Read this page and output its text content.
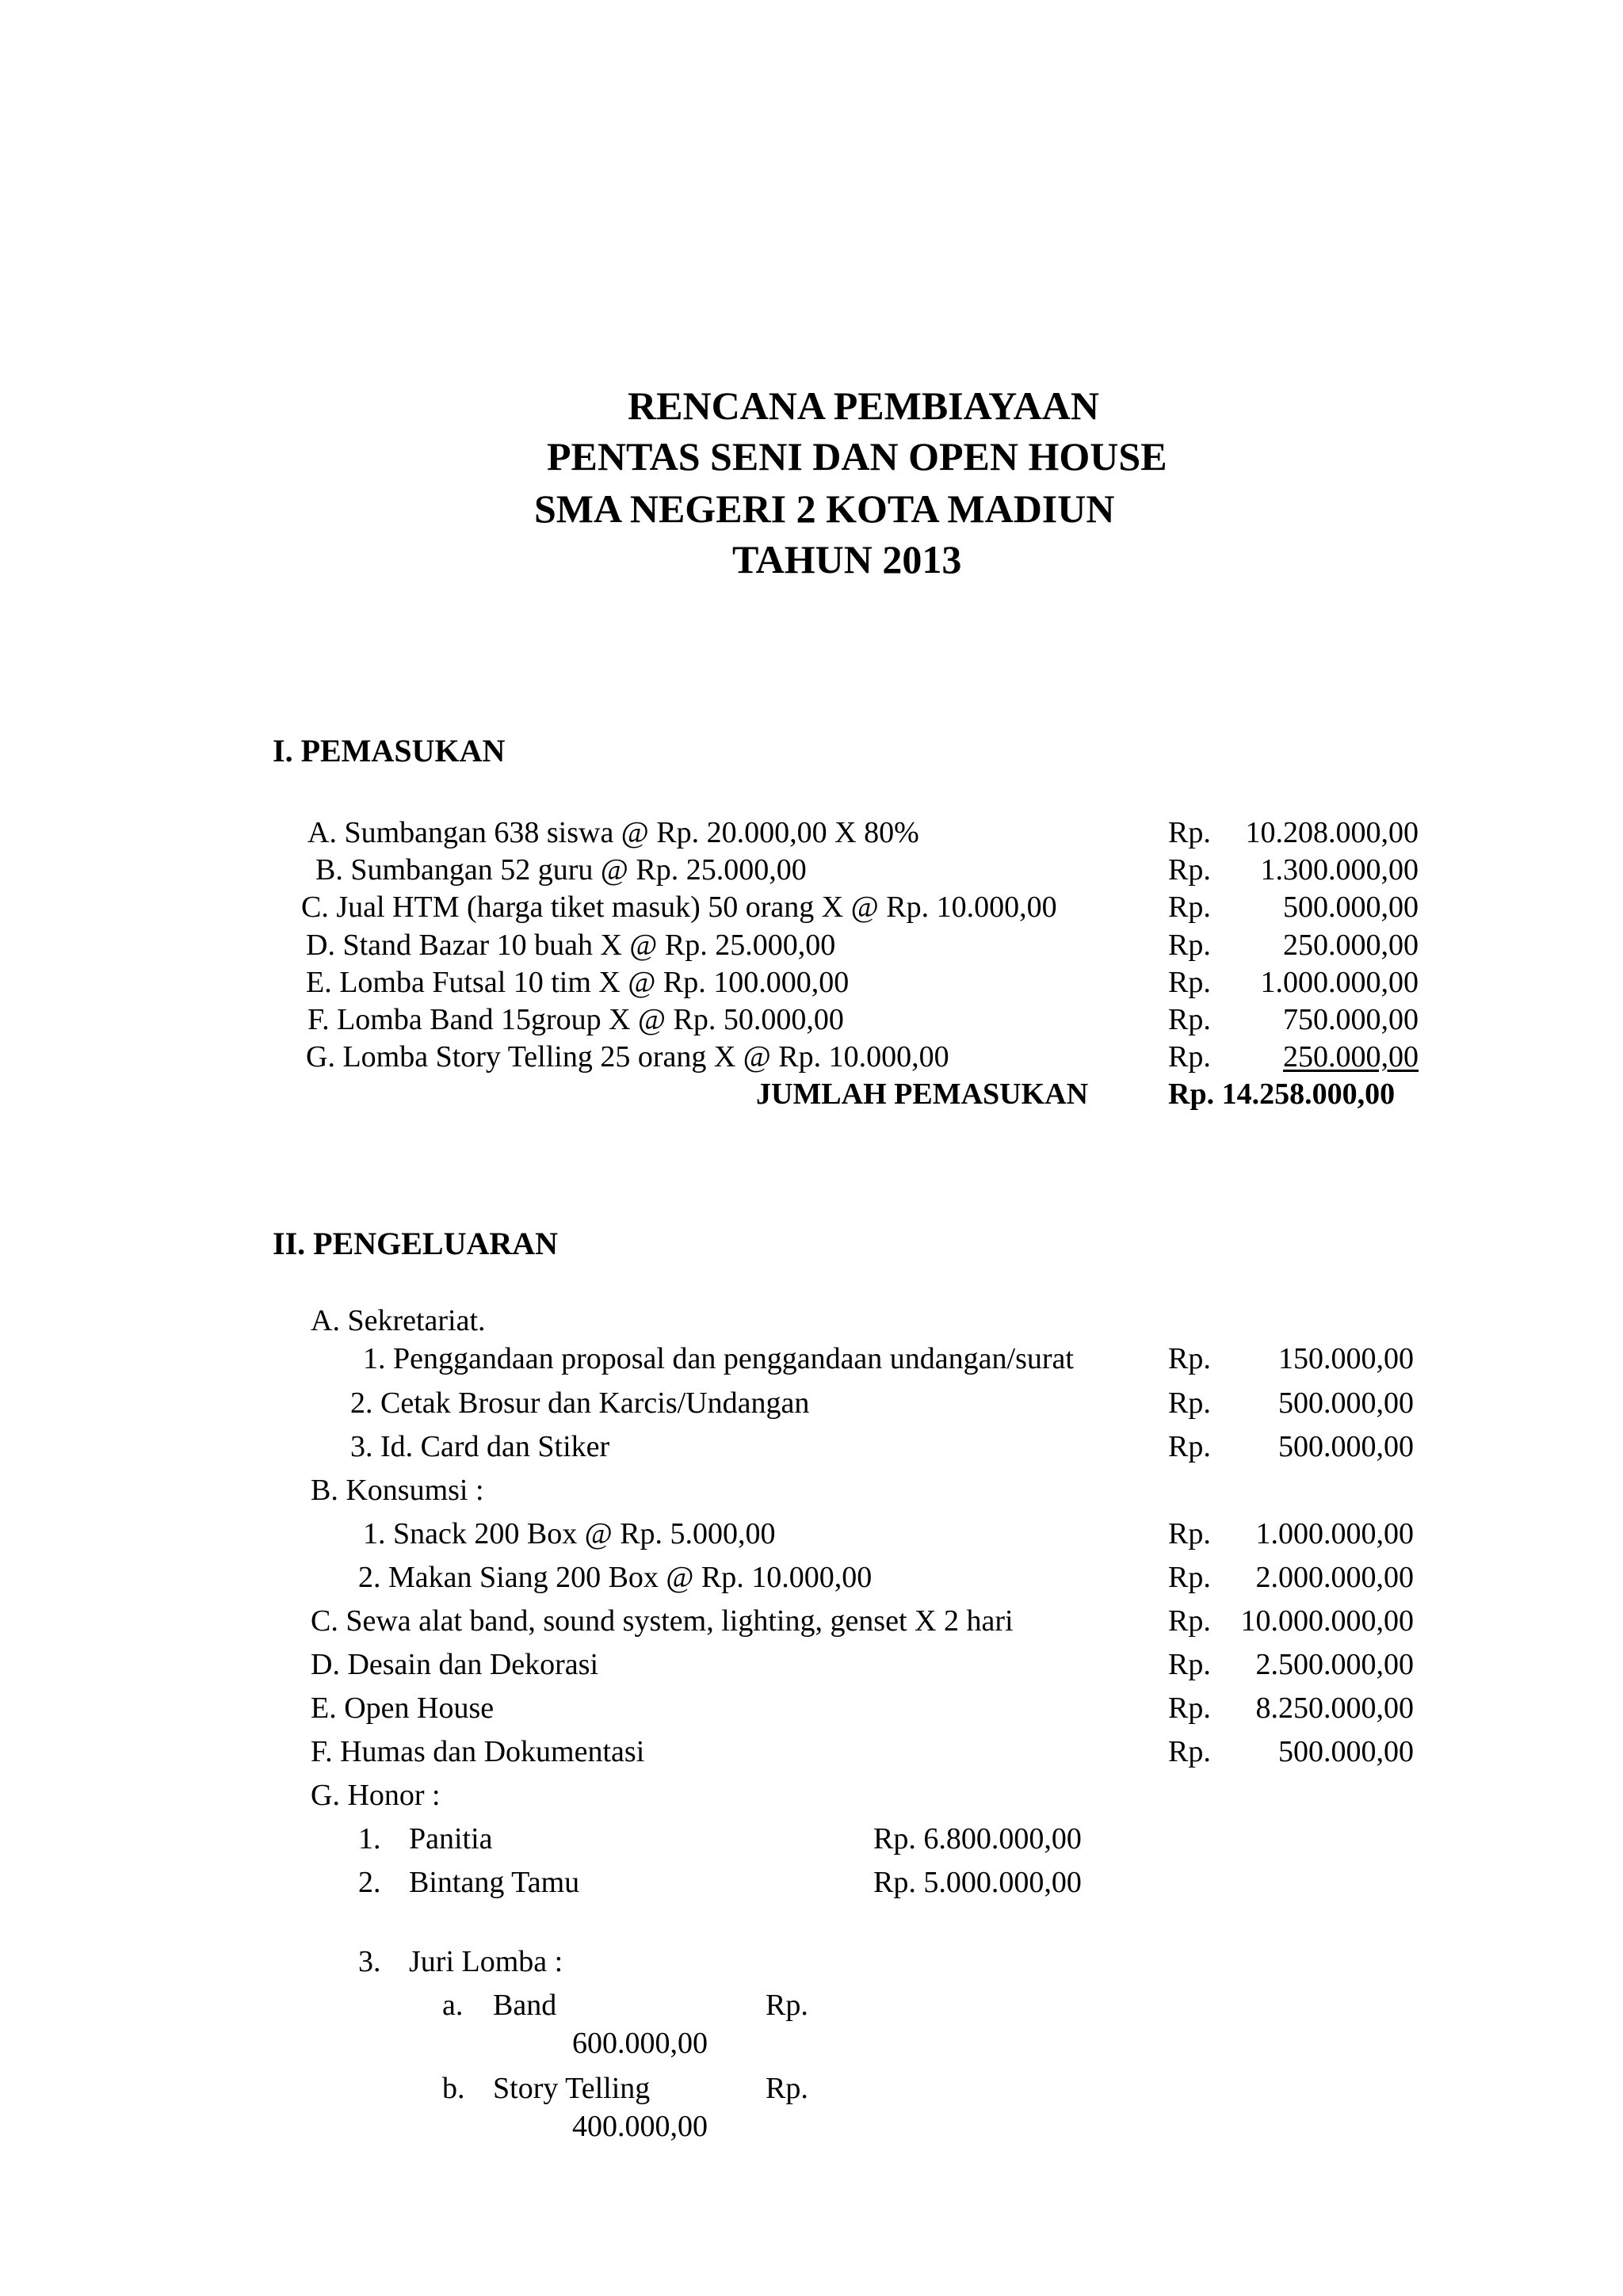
RENCANA PEMBIAYAAN
PENTAS SENI DAN OPEN HOUSE
SMA NEGERI 2 KOTA MADIUN
TAHUN 2013
I. PEMASUKAN
A. Sumbangan 638 siswa @ Rp. 20.000,00 X 80%	Rp.	10.208.000,00
B. Sumbangan 52 guru @ Rp. 25.000,00	Rp.	1.300.000,00
C. Jual HTM (harga tiket masuk) 50 orang X @ Rp. 10.000,00	Rp.	500.000,00
D. Stand Bazar 10 buah X @ Rp. 25.000,00	Rp.	250.000,00
E. Lomba Futsal 10 tim X @ Rp. 100.000,00	Rp.	1.000.000,00
F. Lomba Band 15group X @ Rp. 50.000,00	Rp.	750.000,00
G. Lomba Story Telling 25 orang X @ Rp. 10.000,00	Rp.	250.000,00
JUMLAH PEMASUKAN	Rp. 14.258.000,00
II. PENGELUARAN
A. Sekretariat.
1. Penggandaan proposal dan penggandaan undangan/surat	Rp.	150.000,00
2. Cetak Brosur dan Karcis/Undangan	Rp.	500.000,00
3. Id. Card dan Stiker	Rp.	500.000,00
B. Konsumsi :
1. Snack 200 Box @ Rp. 5.000,00	Rp.	1.000.000,00
2. Makan Siang 200 Box @ Rp. 10.000,00	Rp.	2.000.000,00
C. Sewa alat band, sound system, lighting, genset X 2 hari	Rp. 10.000.000,00
D. Desain dan Dekorasi	Rp.	2.500.000,00
E. Open House	Rp.	8.250.000,00
F. Humas dan Dokumentasi	Rp.	500.000,00
G. Honor :
1. Panitia	Rp. 6.800.000,00
2. Bintang Tamu	Rp. 5.000.000,00
3. Juri Lomba :
a. Band	Rp.
600.000,00
b. Story Telling	Rp.
400.000,00
